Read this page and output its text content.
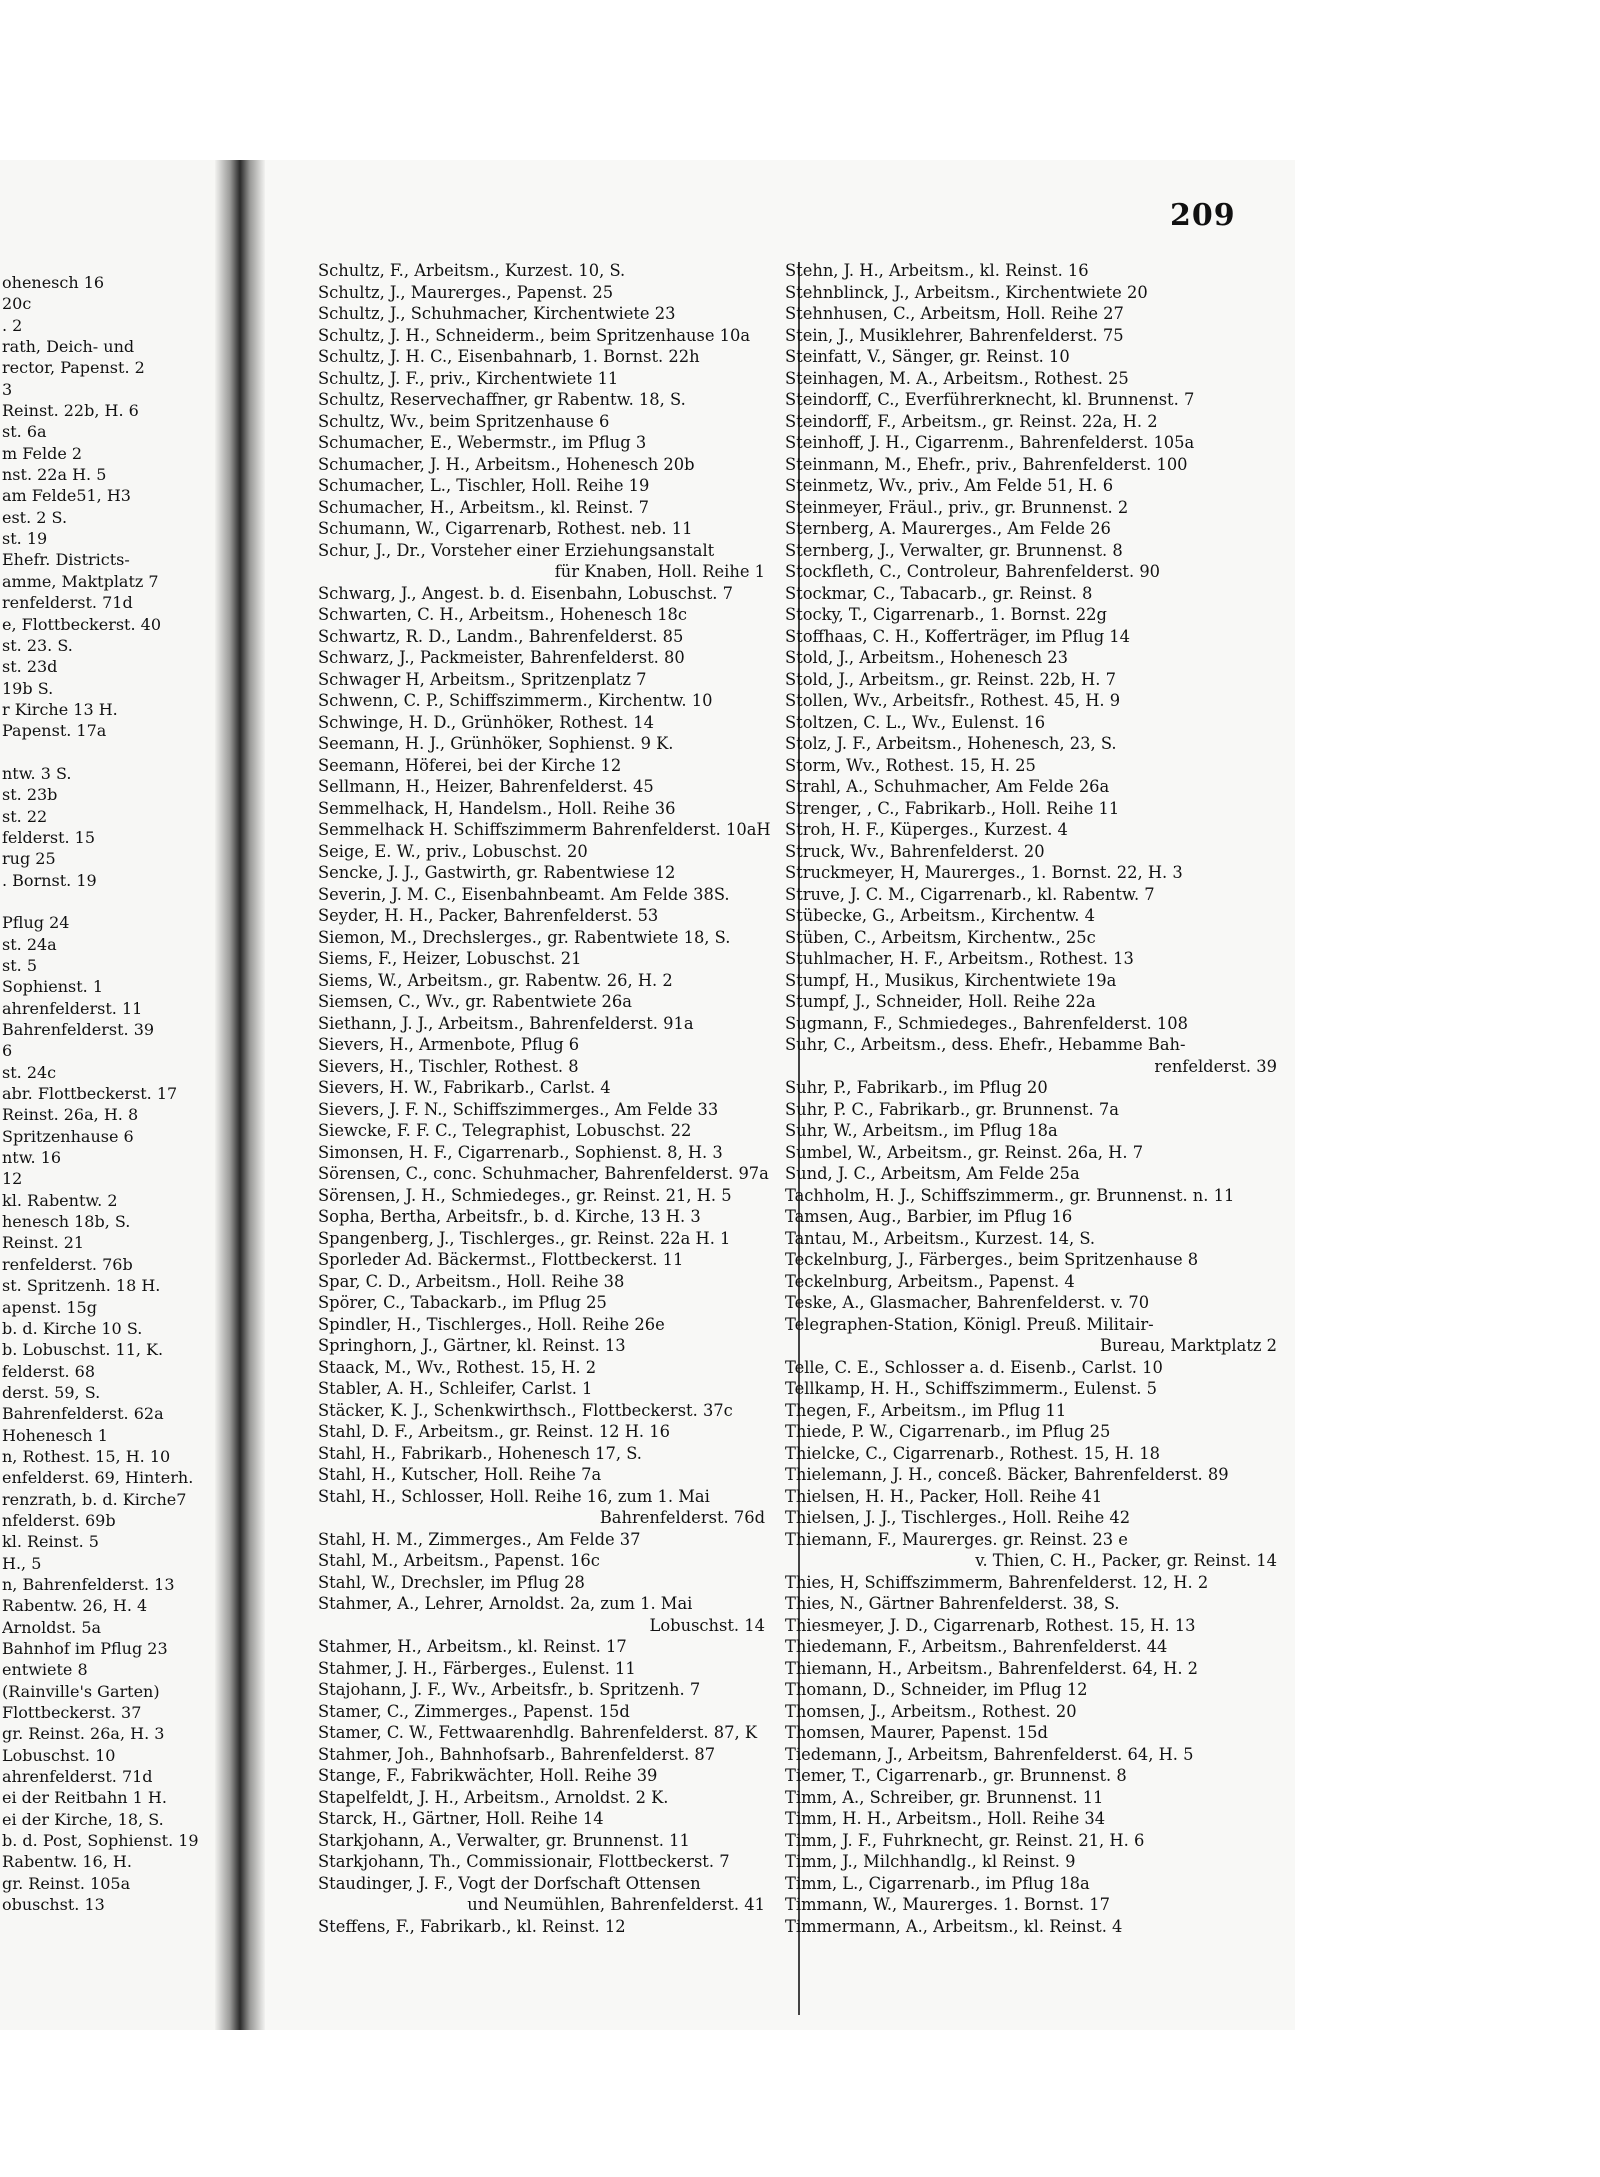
ohenesch 16
20c
. 2
rath, Deich- und
rector, Papenst. 2
3
Reinst. 22b, H. 6
st. 6a
m Felde 2
nst. 22a H. 5
am Felde51, H3
est. 2 S.
st. 19
Ehefr. Districts-
amme, Maktplatz 7
renfelderst. 71d
e, Flottbeckerst. 40
st. 23. S.
st. 23d
19b S.
r Kirche 13 H.
Papenst. 17a
ntw. 3 S.
st. 23b
st. 22
felderst. 15
rug 25
. Bornst. 19
Pflug 24
st. 24a
st. 5
Sophienst. 1
ahrenfelderst. 11
Bahrenfelderst. 39
6
st. 24c
abr. Flottbeckerst. 17
Reinst. 26a, H. 8
Spritzenhause 6
ntw. 16
12
kl. Rabentw. 2
henesch 18b, S.
Reinst. 21
renfelderst. 76b
st. Spritzenh. 18 H.
apenst. 15g
b. d. Kirche 10 S.
b. Lobuschst. 11, K.
felderst. 68
derst. 59, S.
Bahrenfelderst. 62a
Hohenesch 1
n, Rothest. 15, H. 10
enfelderst. 69, Hinterh.
renzrath, b. d. Kirche7
nfelderst. 69b
kl. Reinst. 5
H., 5
n, Bahrenfelderst. 13
Rabentw. 26, H. 4
Arnoldst. 5a
Bahnhof im Pflug 23
entwiete 8
(Rainville's Garten)
Flottbeckerst. 37
gr. Reinst. 26a, H. 3
Lobuschst. 10
ahrenfelderst. 71d
ei der Reitbahn 1 H.
ei der Kirche, 18, S.
b. d. Post, Sophienst. 19
Rabentw. 16, H.
gr. Reinst. 105a
obuschst. 13
209
Schultz, F., Arbeitsm., Kurzest. 10, S.
Schultz, J., Maurerges., Papenst. 25
Schultz, J., Schuhmacher, Kirchentwiete 23
Schultz, J. H., Schneiderm., beim Spritzenhause 10a
Schultz, J. H. C., Eisenbahnarb, 1. Bornst. 22h
Schultz, J. F., priv., Kirchentwiete 11
Schultz, Reservechaffner, gr Rabentw. 18, S.
Schultz, Wv., beim Spritzenhause 6
Schumacher, E., Webermstr., im Pflug 3
Schumacher, J. H., Arbeitsm., Hohenesch 20b
Schumacher, L., Tischler, Holl. Reihe 19
Schumacher, H., Arbeitsm., kl. Reinst. 7
Schumann, W., Cigarrenarb, Rothest. neb. 11
Schur, J., Dr., Vorsteher einer Erziehungsanstalt
für Knaben, Holl. Reihe 1
Schwarg, J., Angest. b. d. Eisenbahn, Lobuschst. 7
Schwarten, C. H., Arbeitsm., Hohenesch 18c
Schwartz, R. D., Landm., Bahrenfelderst. 85
Schwarz, J., Packmeister, Bahrenfelderst. 80
Schwager H, Arbeitsm., Spritzenplatz 7
Schwenn, C. P., Schiffszimmerm., Kirchentw. 10
Schwinge, H. D., Grünhöker, Rothest. 14
Seemann, H. J., Grünhöker, Sophienst. 9 K.
Seemann, Höferei, bei der Kirche 12
Sellmann, H., Heizer, Bahrenfelderst. 45
Semmelhack, H, Handelsm., Holl. Reihe 36
Semmelhack H. Schiffszimmerm Bahrenfelderst. 10aH
Seige, E. W., priv., Lobuschst. 20
Sencke, J. J., Gastwirth, gr. Rabentwiese 12
Severin, J. M. C., Eisenbahnbeamt. Am Felde 38S.
Seyder, H. H., Packer, Bahrenfelderst. 53
Siemon, M., Drechslerges., gr. Rabentwiete 18, S.
Siems, F., Heizer, Lobuschst. 21
Siems, W., Arbeitsm., gr. Rabentw. 26, H. 2
Siemsen, C., Wv., gr. Rabentwiete 26a
Siethann, J. J., Arbeitsm., Bahrenfelderst. 91a
Sievers, H., Armenbote, Pflug 6
Sievers, H., Tischler, Rothest. 8
Sievers, H. W., Fabrikarb., Carlst. 4
Sievers, J. F. N., Schiffszimmerges., Am Felde 33
Siewcke, F. F. C., Telegraphist, Lobuschst. 22
Simonsen, H. F., Cigarrenarb., Sophienst. 8, H. 3
Sörensen, C., conc. Schuhmacher, Bahrenfelderst. 97a
Sörensen, J. H., Schmiedeges., gr. Reinst. 21, H. 5
Sopha, Bertha, Arbeitsfr., b. d. Kirche, 13 H. 3
Spangenberg, J., Tischlerges., gr. Reinst. 22a H. 1
Sporleder Ad. Bäckermst., Flottbeckerst. 11
Spar, C. D., Arbeitsm., Holl. Reihe 38
Spörer, C., Tabackarb., im Pflug 25
Spindler, H., Tischlerges., Holl. Reihe 26e
Springhorn, J., Gärtner, kl. Reinst. 13
Staack, M., Wv., Rothest. 15, H. 2
Stabler, A. H., Schleifer, Carlst. 1
Stäcker, K. J., Schenkwirthsch., Flottbeckerst. 37c
Stahl, D. F., Arbeitsm., gr. Reinst. 12 H. 16
Stahl, H., Fabrikarb., Hohenesch 17, S.
Stahl, H., Kutscher, Holl. Reihe 7a
Stahl, H., Schlosser, Holl. Reihe 16, zum 1. Mai
Bahrenfelderst. 76d
Stahl, H. M., Zimmerges., Am Felde 37
Stahl, M., Arbeitsm., Papenst. 16c
Stahl, W., Drechsler, im Pflug 28
Stahmer, A., Lehrer, Arnoldst. 2a, zum 1. Mai
Lobuschst. 14
Stahmer, H., Arbeitsm., kl. Reinst. 17
Stahmer, J. H., Färberges., Eulenst. 11
Stajohann, J. F., Wv., Arbeitsfr., b. Spritzenh. 7
Stamer, C., Zimmerges., Papenst. 15d
Stamer, C. W., Fettwaarenhdlg. Bahrenfelderst. 87, K
Stahmer, Joh., Bahnhofsarb., Bahrenfelderst. 87
Stange, F., Fabrikwächter, Holl. Reihe 39
Stapelfeldt, J. H., Arbeitsm., Arnoldst. 2 K.
Starck, H., Gärtner, Holl. Reihe 14
Starkjohann, A., Verwalter, gr. Brunnenst. 11
Starkjohann, Th., Commissionair, Flottbeckerst. 7
Staudinger, J. F., Vogt der Dorfschaft Ottensen
und Neumühlen, Bahrenfelderst. 41
Steffens, F., Fabrikarb., kl. Reinst. 12
Stehn, J. H., Arbeitsm., kl. Reinst. 16
Stehnblinck, J., Arbeitsm., Kirchentwiete 20
Stehnhusen, C., Arbeitsm, Holl. Reihe 27
Stein, J., Musiklehrer, Bahrenfelderst. 75
Steinfatt, V., Sänger, gr. Reinst. 10
Steinhagen, M. A., Arbeitsm., Rothest. 25
Steindorff, C., Everführerknecht, kl. Brunnenst. 7
Steindorff, F., Arbeitsm., gr. Reinst. 22a, H. 2
Steinhoff, J. H., Cigarrenm., Bahrenfelderst. 105a
Steinmann, M., Ehefr., priv., Bahrenfelderst. 100
Steinmetz, Wv., priv., Am Felde 51, H. 6
Steinmeyer, Fräul., priv., gr. Brunnenst. 2
Sternberg, A. Maurerges., Am Felde 26
Sternberg, J., Verwalter, gr. Brunnenst. 8
Stockfleth, C., Controleur, Bahrenfelderst. 90
Stockmar, C., Tabacarb., gr. Reinst. 8
Stocky, T., Cigarrenarb., 1. Bornst. 22g
Stoffhaas, C. H., Kofferträger, im Pflug 14
Stold, J., Arbeitsm., Hohenesch 23
Stold, J., Arbeitsm., gr. Reinst. 22b, H. 7
Stollen, Wv., Arbeitsfr., Rothest. 45, H. 9
Stoltzen, C. L., Wv., Eulenst. 16
Stolz, J. F., Arbeitsm., Hohenesch, 23, S.
Storm, Wv., Rothest. 15, H. 25
Strahl, A., Schuhmacher, Am Felde 26a
Strenger, , C., Fabrikarb., Holl. Reihe 11
Stroh, H. F., Küperges., Kurzest. 4
Struck, Wv., Bahrenfelderst. 20
Struckmeyer, H, Maurerges., 1. Bornst. 22, H. 3
Struve, J. C. M., Cigarrenarb., kl. Rabentw. 7
Stübecke, G., Arbeitsm., Kirchentw. 4
Stüben, C., Arbeitsm, Kirchentw., 25c
Stuhlmacher, H. F., Arbeitsm., Rothest. 13
Stumpf, H., Musikus, Kirchentwiete 19a
Stumpf, J., Schneider, Holl. Reihe 22a
Sugmann, F., Schmiedeges., Bahrenfelderst. 108
Suhr, C., Arbeitsm., dess. Ehefr., Hebamme Bah-
renfelderst. 39
Suhr, P., Fabrikarb., im Pflug 20
Suhr, P. C., Fabrikarb., gr. Brunnenst. 7a
Suhr, W., Arbeitsm., im Pflug 18a
Sumbel, W., Arbeitsm., gr. Reinst. 26a, H. 7
Sund, J. C., Arbeitsm, Am Felde 25a
Tachholm, H. J., Schiffszimmerm., gr. Brunnenst. n. 11
Tamsen, Aug., Barbier, im Pflug 16
Tantau, M., Arbeitsm., Kurzest. 14, S.
Teckelnburg, J., Färberges., beim Spritzenhause 8
Teckelnburg, Arbeitsm., Papenst. 4
Teske, A., Glasmacher, Bahrenfelderst. v. 70
Telegraphen-Station, Königl. Preuß. Militair-
Bureau, Marktplatz 2
Telle, C. E., Schlosser a. d. Eisenb., Carlst. 10
Tellkamp, H. H., Schiffszimmerm., Eulenst. 5
Thegen, F., Arbeitsm., im Pflug 11
Thiede, P. W., Cigarrenarb., im Pflug 25
Thielcke, C., Cigarrenarb., Rothest. 15, H. 18
Thielemann, J. H., conceß. Bäcker, Bahrenfelderst. 89
Thielsen, H. H., Packer, Holl. Reihe 41
Thielsen, J. J., Tischlerges., Holl. Reihe 42
Thiemann, F., Maurerges. gr. Reinst. 23 e
v. Thien, C. H., Packer, gr. Reinst. 14
Thies, H, Schiffszimmerm, Bahrenfelderst. 12, H. 2
Thies, N., Gärtner Bahrenfelderst. 38, S.
Thiesmeyer, J. D., Cigarrenarb, Rothest. 15, H. 13
Thiedemann, F., Arbeitsm., Bahrenfelderst. 44
Thiemann, H., Arbeitsm., Bahrenfelderst. 64, H. 2
Thomann, D., Schneider, im Pflug 12
Thomsen, J., Arbeitsm., Rothest. 20
Thomsen, Maurer, Papenst. 15d
Tiedemann, J., Arbeitsm, Bahrenfelderst. 64, H. 5
Tiemer, T., Cigarrenarb., gr. Brunnenst. 8
Timm, A., Schreiber, gr. Brunnenst. 11
Timm, H. H., Arbeitsm., Holl. Reihe 34
Timm, J. F., Fuhrknecht, gr. Reinst. 21, H. 6
Timm, J., Milchhandlg., kl Reinst. 9
Timm, L., Cigarrenarb., im Pflug 18a
Timmann, W., Maurerges. 1. Bornst. 17
Timmermann, A., Arbeitsm., kl. Reinst. 4
